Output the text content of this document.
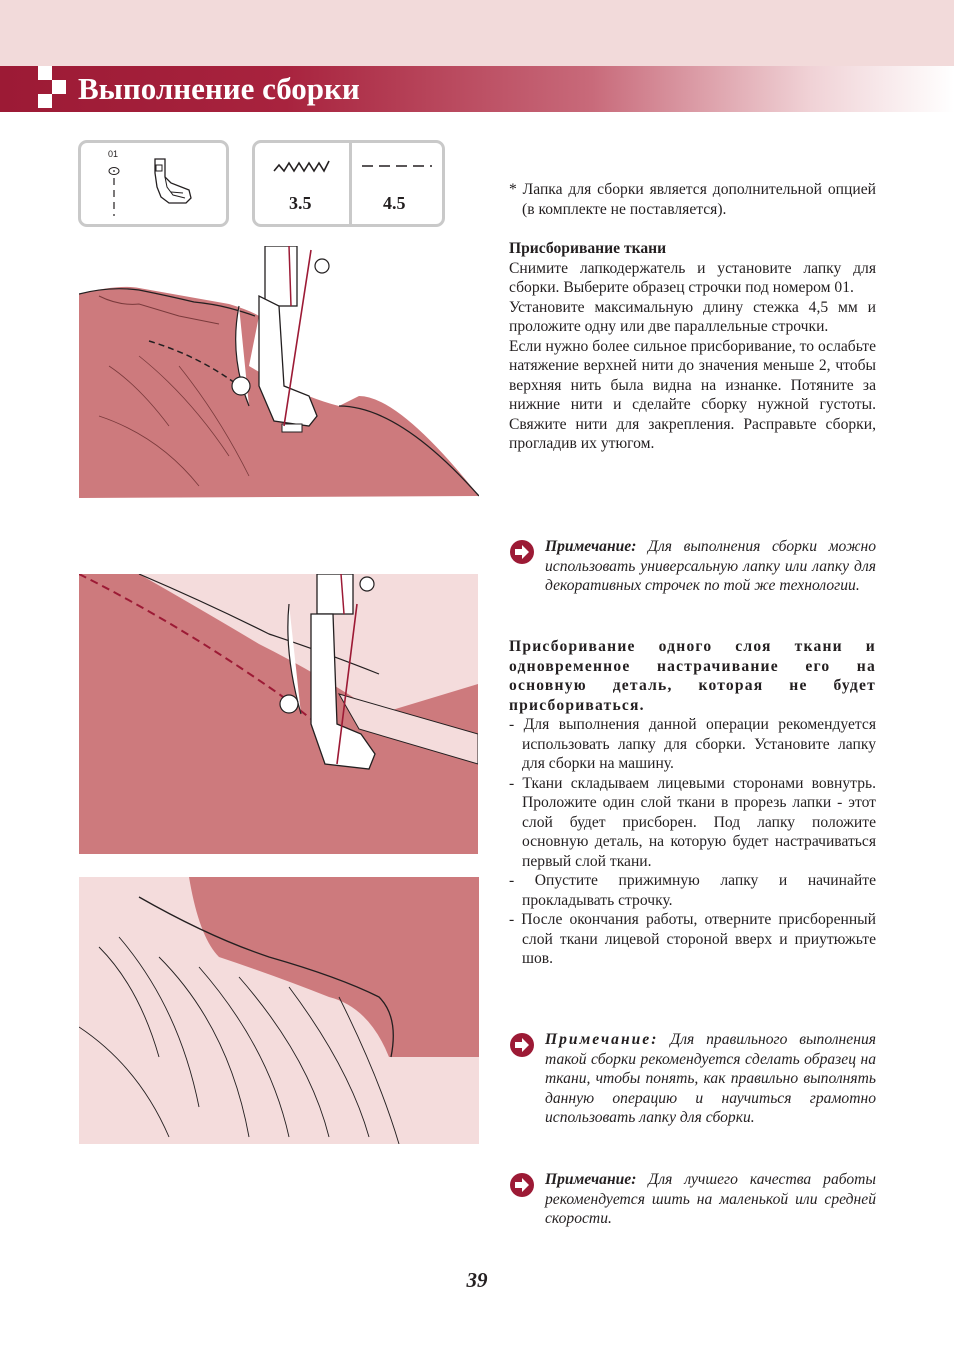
Выполнение сборки
01
3.5	4.5

* Лапка для сборки является дополнительной опцией (в комплекте не поставляется).

Присборивание ткани

Снимите лапкодержатель и установите лапку для сборки. Выберите образец строчки под номером 01.

Установите максимальную длину стежка 4,5 мм и проложите одну или две параллельные строчки.

Если нужно более сильное присборивание, то ослабьте натяжение верхней нити до значения меньше 2, чтобы верхняя нить была видна на изнанке. Потяните за нижние нити и сделайте сборку нужной густоты. Свяжите нити для закрепления. Расправьте сборки, прогладив их утюгом.

Примечание: Для выполнения сборки можно использовать универсальную лапку или лапку для декоративных строчек по той же технологии.

Присборивание одного слоя ткани и одновременное настрачивание его на основную деталь, которая не будет присбориваться.

- Для выполнения данной операции рекомендуется использовать лапку для сборки. Установите лапку для сборки на машину.

- Ткани складываем лицевыми сторонами вовнутрь. Проложите один слой ткани в прорезь лапки - этот слой будет присборен. Под лапку положите основную деталь, на которую будет настрачиваться первый слой ткани.

- Опустите прижимную лапку и начинайте прокладывать строчку.

- После окончания работы, отверните присборенный слой ткани лицевой стороной вверх и приутюжьте шов.

Примечание: Для правильного выполнения такой сборки рекомендуется сделать образец на ткани, чтобы понять, как правильно выполнять данную операцию и научиться грамотно использовать лапку для сборки.
Примечание: Для лучшего качества работы рекомендуется шить на маленькой или средней скорости.
39
